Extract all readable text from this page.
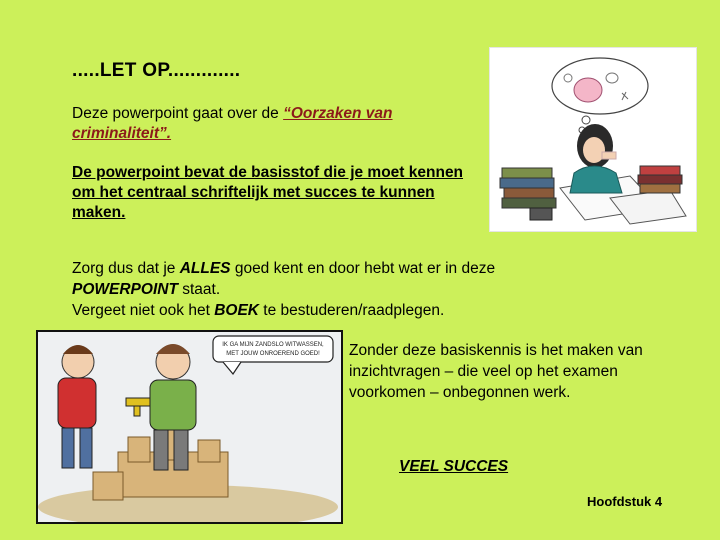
.....LET OP.............
Deze powerpoint gaat over de “Oorzaken van criminaliteit”.
De powerpoint bevat de basisstof die je moet kennen om het centraal schriftelijk met succes te kunnen maken.
Zorg dus dat je ALLES goed kent en door hebt wat er in deze POWERPOINT staat.
Vergeet niet ook het BOEK te bestuderen/raadplegen.
Zonder deze basiskennis is het maken van inzichtvragen – die veel op het examen voorkomen – onbegonnen werk.
VEEL SUCCES
Hoofdstuk 4
IK GA MIJN ZANDSLO WITWASSEN,
MET JOUW ONROEREND GOED!
